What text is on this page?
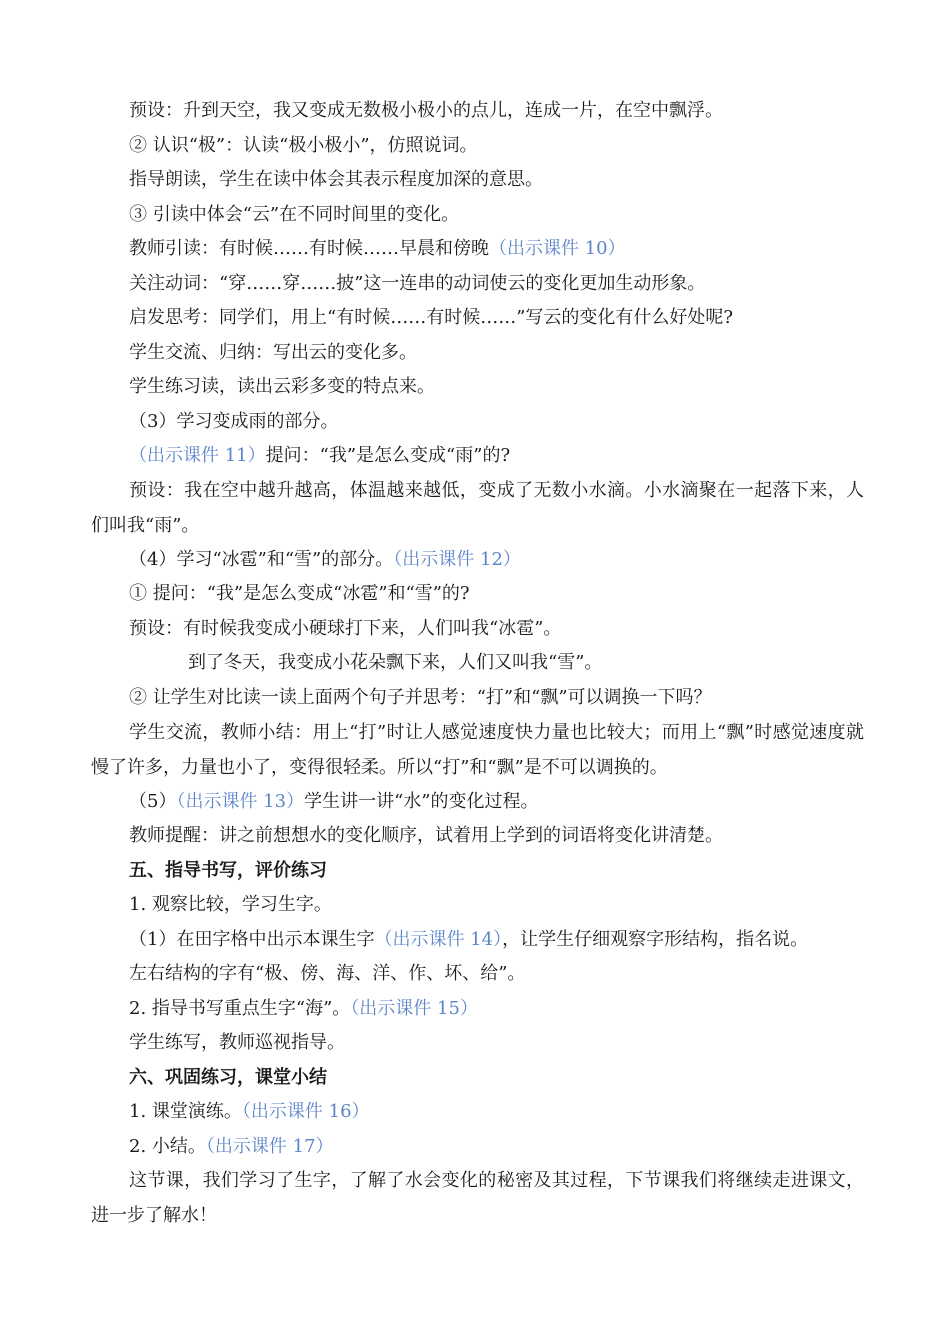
预设：升到天空，我又变成无数极小极小的点儿，连成一片，在空中飘浮。
② 认识“极”：认读“极小极小”，仿照说词。
指导朗读，学生在读中体会其表示程度加深的意思。
③ 引读中体会“云”在不同时间里的变化。
教师引读：有时候……有时候……早晨和傍晚（出示课件 10）
关注动词：“穿……穿……披”这一连串的动词使云的变化更加生动形象。
启发思考：同学们，用上“有时候……有时候……”写云的变化有什么好处呢?
学生交流、归纳：写出云的变化多。
学生练习读，读出云彩多变的特点来。
（3）学习变成雨的部分。
（出示课件 11）提问：“我”是怎么变成“雨”的?
预设：我在空中越升越高，体温越来越低，变成了无数小水滴。小水滴聚在一起落下来，人们叫我“雨”。
（4）学习“冰雹”和“雪”的部分。（出示课件 12）
① 提问：“我”是怎么变成“冰雹”和“雪”的?
预设：有时候我变成小硬球打下来，人们叫我“冰雹”。
到了冬天，我变成小花朵飘下来，人们又叫我“雪”。
② 让学生对比读一读上面两个句子并思考：“打”和“飘”可以调换一下吗？
学生交流，教师小结：用上“打”时让人感觉速度快力量也比较大；而用上“飘”时感觉速度就慢了许多，力量也小了，变得很轻柔。所以“打”和“飘”是不可以调换的。
（5）（出示课件 13）学生讲一讲“水”的变化过程。
教师提醒：讲之前想想水的变化顺序，试着用上学到的词语将变化讲清楚。
五、指导书写，评价练习
1. 观察比较，学习生字。
（1）在田字格中出示本课生字（出示课件 14），让学生仔细观察字形结构，指名说。
左右结构的字有“极、傍、海、洋、作、坏、给”。
2. 指导书写重点生字“海”。（出示课件 15）
学生练写，教师巡视指导。
六、巩固练习，课堂小结
1. 课堂演练。（出示课件 16）
2. 小结。（出示课件 17）
这节课，我们学习了生字，了解了水会变化的秘密及其过程，下节课我们将继续走进课文，进一步了解水！
